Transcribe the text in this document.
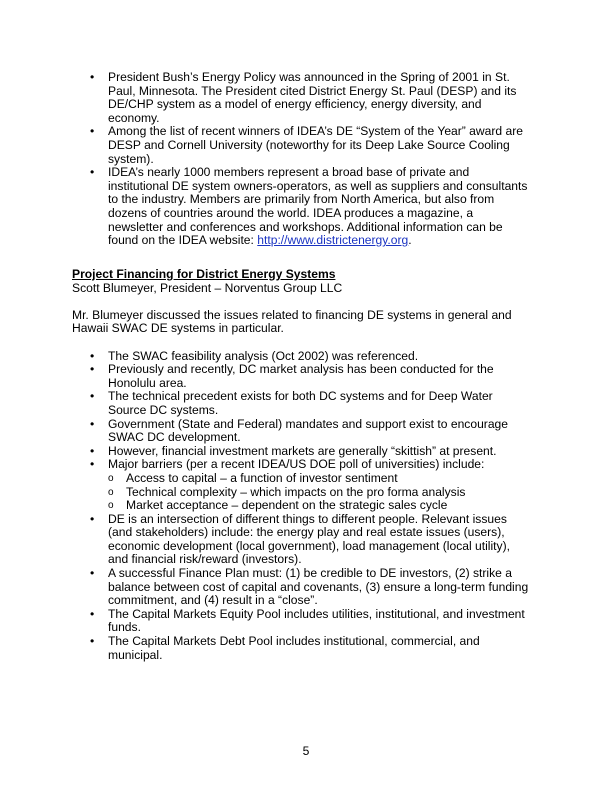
•	President Bush’s Energy Policy was announced in the Spring of 2001 in St. Paul, Minnesota. The President cited District Energy St. Paul (DESP) and its DE/CHP system as a model of energy efficiency, energy diversity, and economy.
•	Among the list of recent winners of IDEA’s DE “System of the Year” award are DESP and Cornell University (noteworthy for its Deep Lake Source Cooling system).
•	IDEA’s nearly 1000 members represent a broad base of private and institutional DE system owners-operators, as well as suppliers and consultants to the industry. Members are primarily from North America, but also from dozens of countries around the world. IDEA produces a magazine, a newsletter and conferences and workshops. Additional information can be found on the IDEA website: http://www.districtenergy.org.
Project Financing for District Energy Systems
Scott Blumeyer, President – Norventus Group LLC
Mr. Blumeyer discussed the issues related to financing DE systems in general and Hawaii SWAC DE systems in particular.
•	The SWAC feasibility analysis (Oct 2002) was referenced.
•	Previously and recently, DC market analysis has been conducted for the Honolulu area.
•	The technical precedent exists for both DC systems and for Deep Water Source DC systems.
•	Government (State and Federal) mandates and support exist to encourage SWAC DC development.
•	However, financial investment markets are generally “skittish” at present.
•	Major barriers (per a recent IDEA/US DOE poll of universities) include:
o Access to capital – a function of investor sentiment
o Technical complexity – which impacts on the pro forma analysis
o Market acceptance – dependent on the strategic sales cycle
•	DE is an intersection of different things to different people. Relevant issues (and stakeholders) include: the energy play and real estate issues (users), economic development (local government), load management (local utility), and financial risk/reward (investors).
•	A successful Finance Plan must: (1) be credible to DE investors, (2) strike a balance between cost of capital and covenants, (3) ensure a long-term funding commitment, and (4) result in a “close”.
•	The Capital Markets Equity Pool includes utilities, institutional, and investment funds.
•	The Capital Markets Debt Pool includes institutional, commercial, and municipal.
5
